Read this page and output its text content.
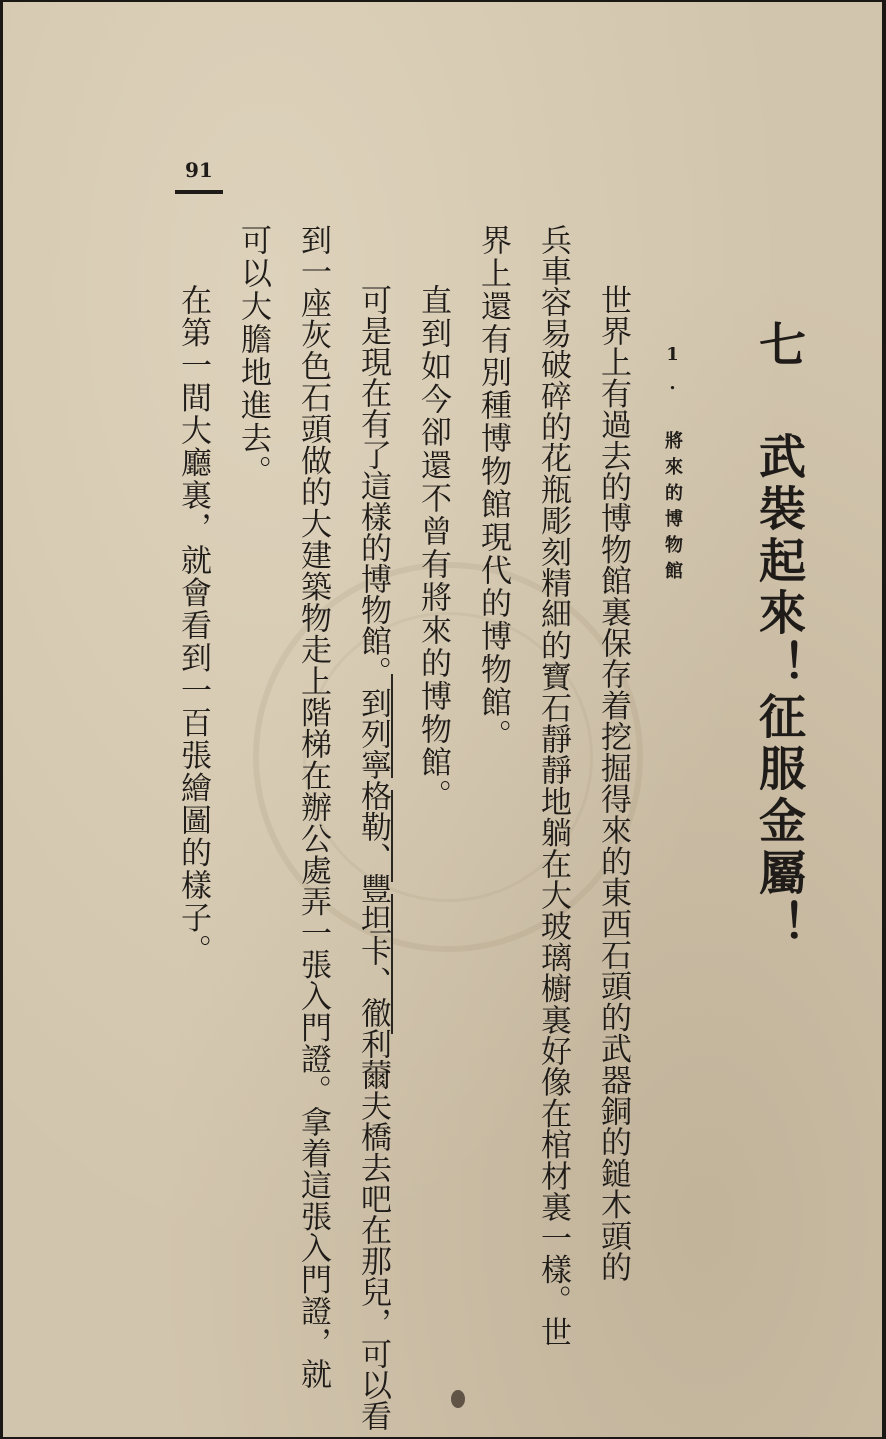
91
七 武裝起來！征服金屬！
1. 將來的博物館
世界上有過去的博物館裏保存着挖掘得來的東西石頭的武器銅的鎚木頭的
兵車容易破碎的花瓶彫刻精細的寶石靜靜地躺在大玻璃櫥裏好像在棺材裏一樣。世
界上還有別種博物館現代的博物館。
直到如今卻還不曾有將來的博物館。
可是現在有了這樣的博物館。到列寧格勒、豐坦卡、徹利薾夫橋去吧在那兒，可以看
到一座灰色石頭做的大建築物走上階梯在辦公處弄一張入門證。拿着這張入門證，就
可以大膽地進去。
在第一間大廳裏，就會看到一百張繪圖的樣子。
